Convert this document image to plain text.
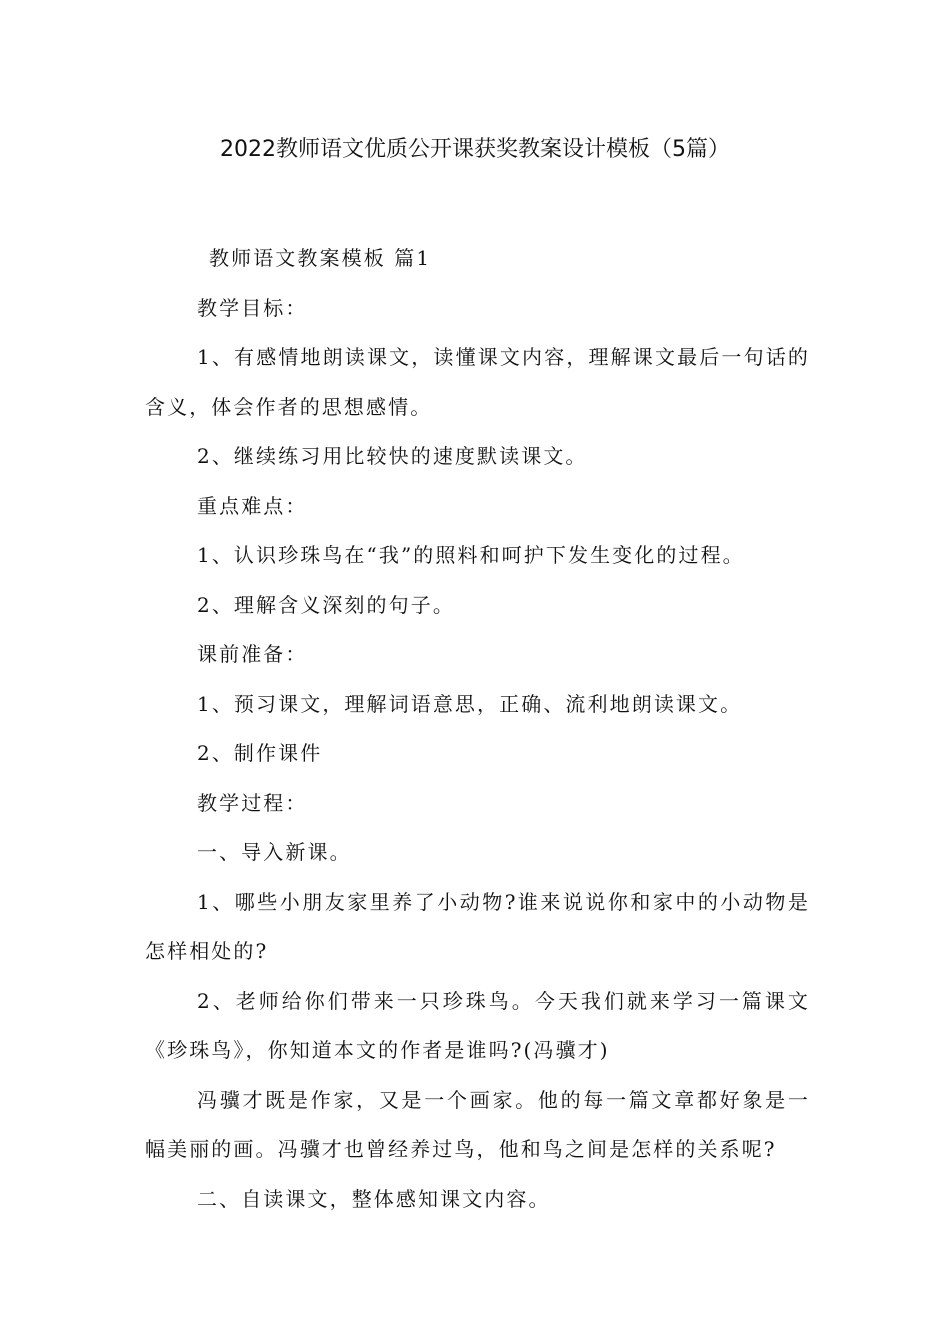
2022教师语文优质公开课获奖教案设计模板（5篇）

教师语文教案模板 篇1

教学目标：

1、有感情地朗读课文，读懂课文内容，理解课文最后一句话的含义，体会作者的思想感情。

2、继续练习用比较快的速度默读课文。

重点难点：

1、认识珍珠鸟在“我”的照料和呵护下发生变化的过程。

2、理解含义深刻的句子。

课前准备：

1、预习课文，理解词语意思，正确、流利地朗读课文。

2、制作课件

教学过程：

一、导入新课。

1、哪些小朋友家里养了小动物?谁来说说你和家中的小动物是怎样相处的?

2、老师给你们带来一只珍珠鸟。今天我们就来学习一篇课文《珍珠鸟》，你知道本文的作者是谁吗?(冯骥才)

冯骥才既是作家，又是一个画家。他的每一篇文章都好象是一幅美丽的画。冯骥才也曾经养过鸟，他和鸟之间是怎样的关系呢?

二、自读课文，整体感知课文内容。
